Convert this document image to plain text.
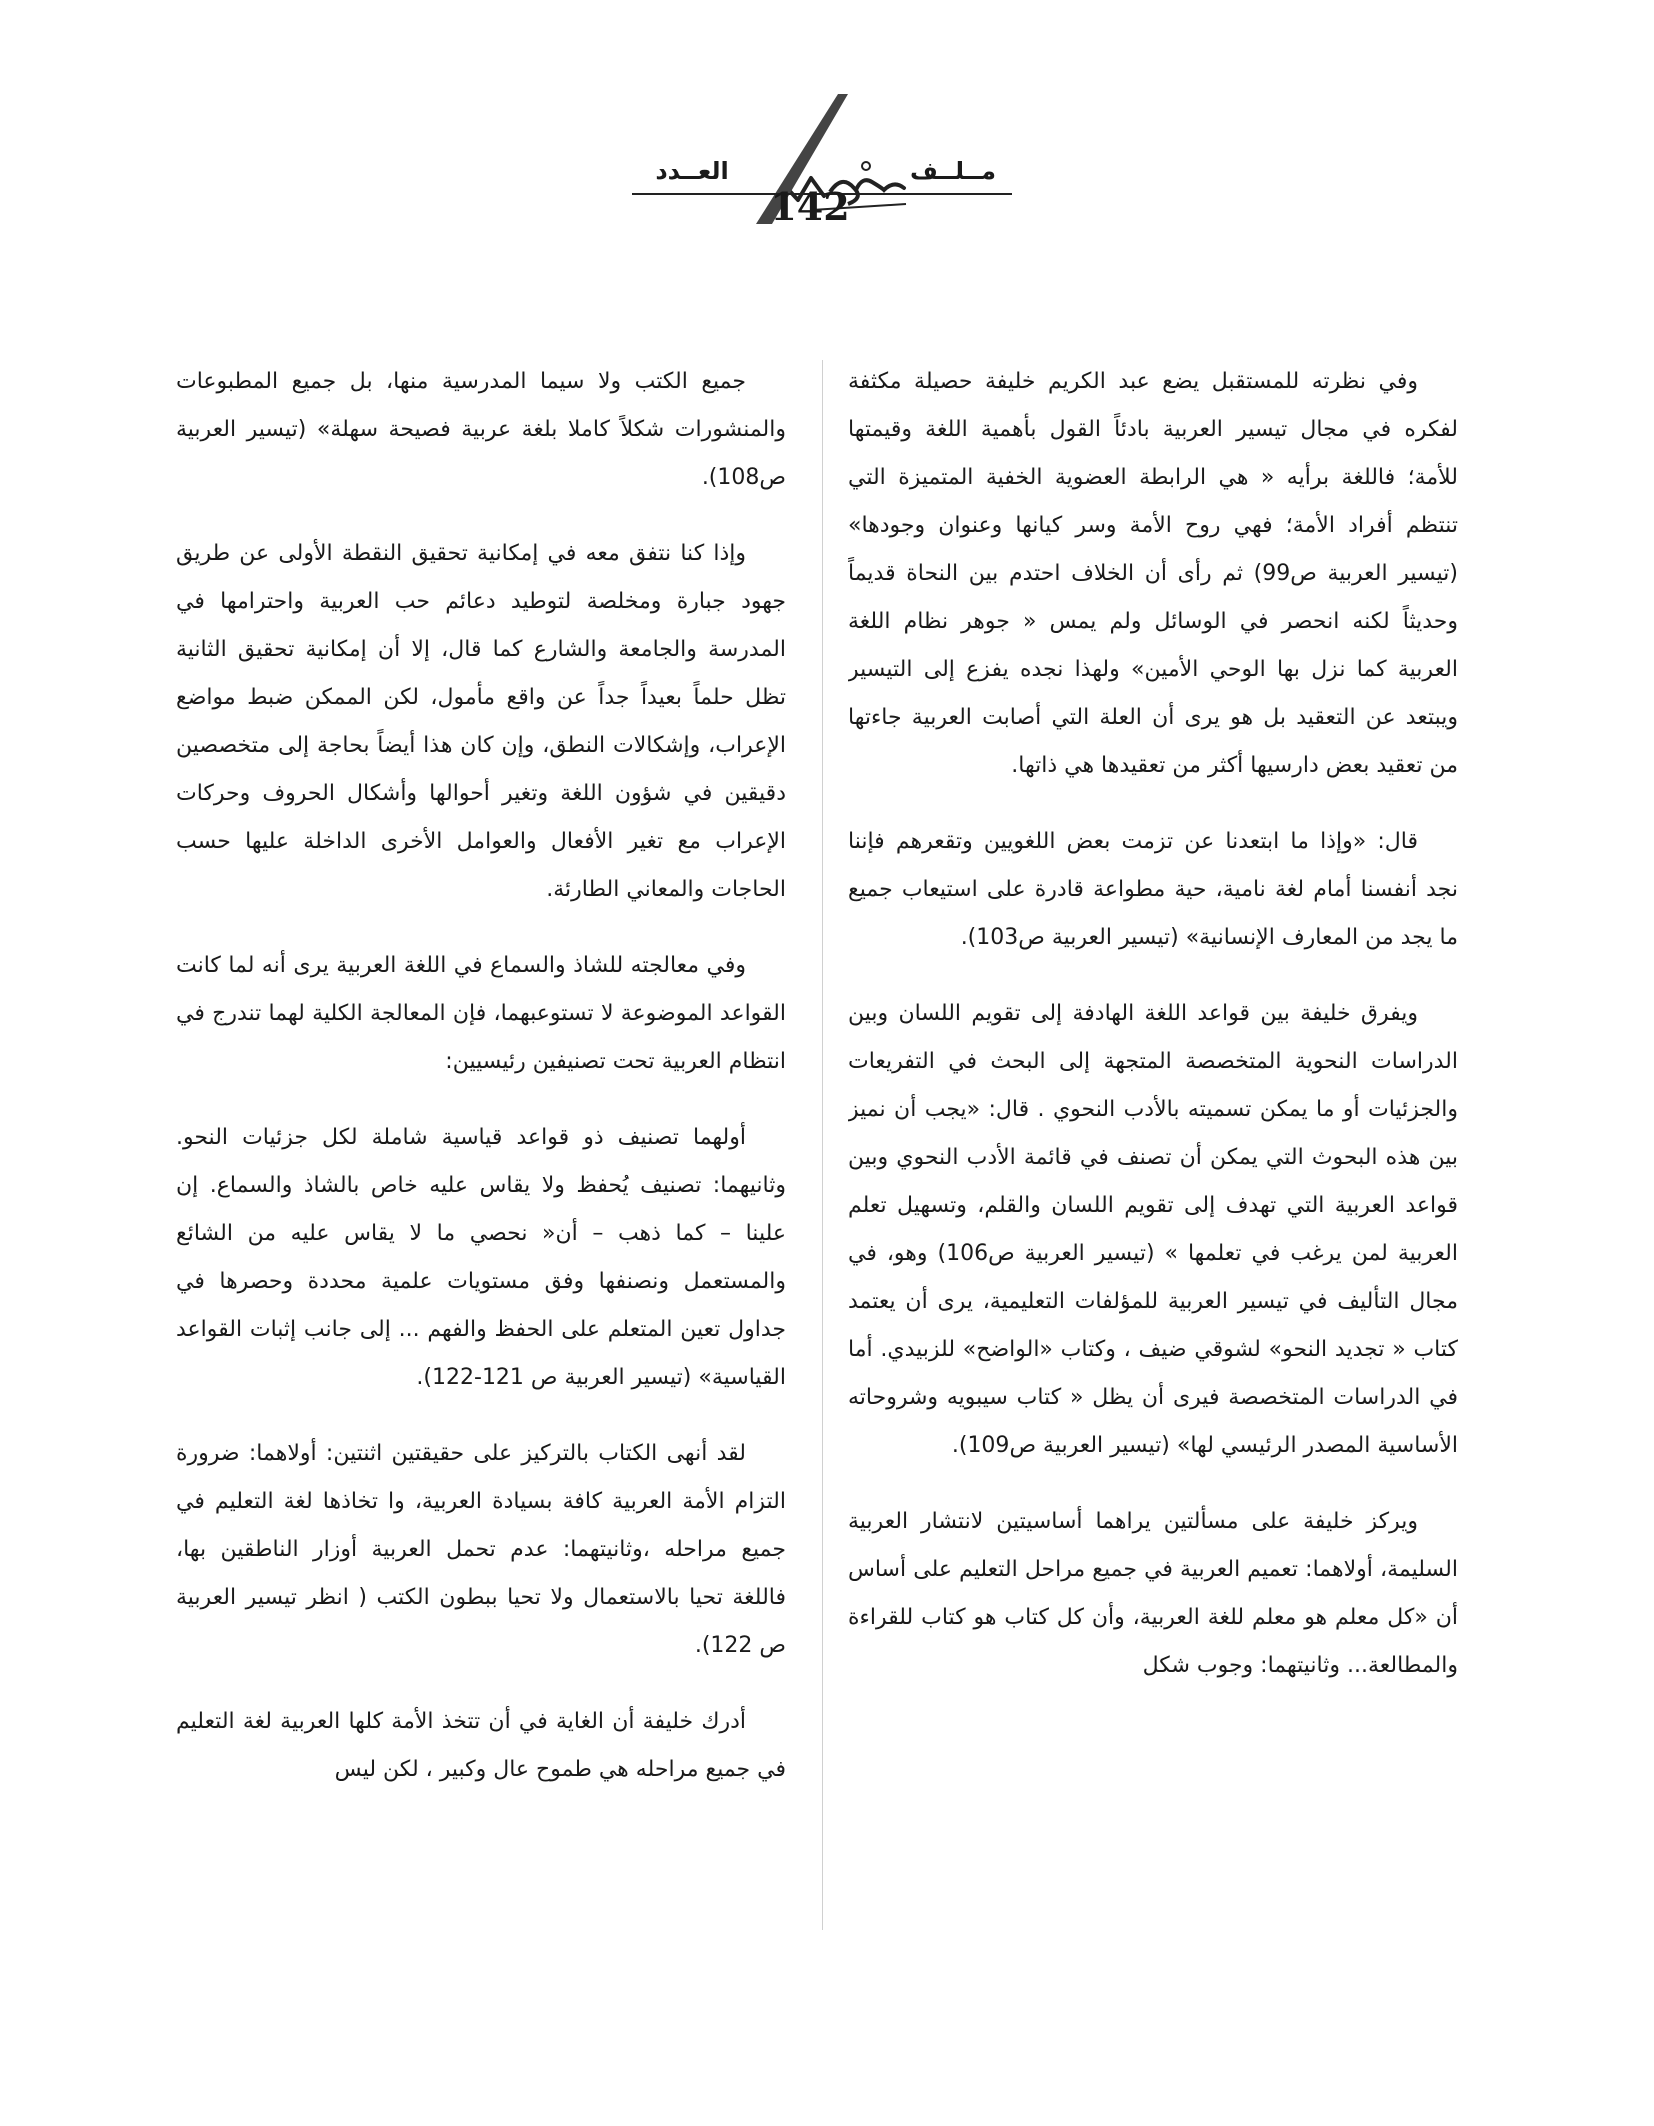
مــلــف
العــدد
142

وفي نظرته للمستقبل يضع عبد الكريم خليفة حصيلة مكثفة لفكره في مجال تيسير العربية بادئاً القول بأهمية اللغة وقيمتها للأمة؛ فاللغة برأيه « هي الرابطة العضوية الخفية المتميزة التي تنتظم أفراد الأمة؛ فهي روح الأمة وسر كيانها وعنوان وجودها» (تيسير العربية ص99) ثم رأى أن الخلاف احتدم بين النحاة قديماً وحديثاً لكنه انحصر في الوسائل ولم يمس « جوهر نظام اللغة العربية كما نزل بها الوحي الأمين» ولهذا نجده يفزع إلى التيسير ويبتعد عن التعقيد بل هو يرى أن العلة التي أصابت العربية جاءتها من تعقيد بعض دارسيها أكثر من تعقيدها هي ذاتها.

قال: «وإذا ما ابتعدنا عن تزمت بعض اللغويين وتقعرهم فإننا نجد أنفسنا أمام لغة نامية، حية مطواعة قادرة على استيعاب جميع ما يجد من المعارف الإنسانية» (تيسير العربية ص103).

ويفرق خليفة بين قواعد اللغة الهادفة إلى تقويم اللسان وبين الدراسات النحوية المتخصصة المتجهة إلى البحث في التفريعات والجزئيات أو ما يمكن تسميته بالأدب النحوي . قال: «يجب أن نميز بين هذه البحوث التي يمكن أن تصنف في قائمة الأدب النحوي وبين قواعد العربية التي تهدف إلى تقويم اللسان والقلم، وتسهيل تعلم العربية لمن يرغب في تعلمها » (تيسير العربية ص106) وهو، في مجال التأليف في تيسير العربية للمؤلفات التعليمية، يرى أن يعتمد كتاب « تجديد النحو» لشوقي ضيف ، وكتاب «الواضح» للزبيدي. أما في الدراسات المتخصصة فيرى أن يظل « كتاب سيبويه وشروحاته الأساسية المصدر الرئيسي لها» (تيسير العربية ص109).

ويركز خليفة على مسألتين يراهما أساسيتين لانتشار العربية السليمة، أولاهما: تعميم العربية في جميع مراحل التعليم على أساس أن «كل معلم هو معلم للغة العربية، وأن كل كتاب هو كتاب للقراءة والمطالعة... وثانيتهما: وجوب شكل

جميع الكتب ولا سيما المدرسية منها، بل جميع المطبوعات والمنشورات شكلاً كاملا بلغة عربية فصيحة سهلة» (تيسير العربية ص108).

وإذا كنا نتفق معه في إمكانية تحقيق النقطة الأولى عن طريق جهود جبارة ومخلصة لتوطيد دعائم حب العربية واحترامها في المدرسة والجامعة والشارع كما قال، إلا أن إمكانية تحقيق الثانية تظل حلماً بعيداً جداً عن واقع مأمول، لكن الممكن ضبط مواضع الإعراب، وإشكالات النطق، وإن كان هذا أيضاً بحاجة إلى متخصصين دقيقين في شؤون اللغة وتغير أحوالها وأشكال الحروف وحركات الإعراب مع تغير الأفعال والعوامل الأخرى الداخلة عليها حسب الحاجات والمعاني الطارئة.

وفي معالجته للشاذ والسماع في اللغة العربية يرى أنه لما كانت القواعد الموضوعة لا تستوعبهما، فإن المعالجة الكلية لهما تندرج في انتظام العربية تحت تصنيفين رئيسيين:

أولهما تصنيف ذو قواعد قياسية شاملة لكل جزئيات النحو. وثانيهما: تصنيف يُحفظ ولا يقاس عليه خاص بالشاذ والسماع. إن علينا – كما ذهب – أن« نحصي ما لا يقاس عليه من الشائع والمستعمل ونصنفها وفق مستويات علمية محددة وحصرها في جداول تعين المتعلم على الحفظ والفهم ... إلى جانب إثبات القواعد القياسية» (تيسير العربية ص 121-122).

لقد أنهى الكتاب بالتركيز على حقيقتين اثنتين: أولاهما: ضرورة التزام الأمة العربية كافة بسيادة العربية، وا تخاذها لغة التعليم في جميع مراحله ،وثانيتهما: عدم تحمل العربية أوزار الناطقين بها، فاللغة تحيا بالاستعمال ولا تحيا ببطون الكتب ( انظر تيسير العربية ص 122).

أدرك خليفة أن الغاية في أن تتخذ الأمة كلها العربية لغة التعليم في جميع مراحله هي طموح عال وكبير ، لكن ليس
